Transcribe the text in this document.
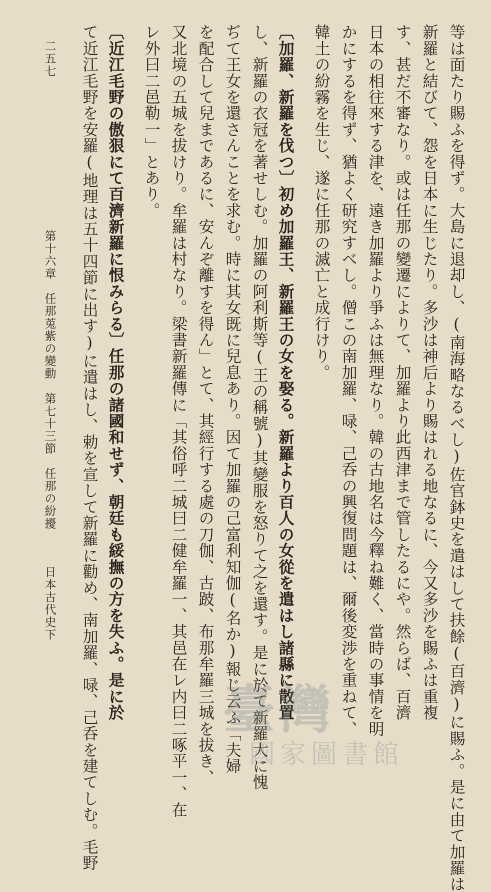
等は面たり賜ふを得ず。大島に退却し、(南海略なるべし)佐官鉢史を遣はして扶餘(百濟)に賜ふ。是に由て加羅は
新羅と結びて、怨を日本に生じたり。多沙は神后より賜はれる地なるに、今又多沙を賜ふは重複
す、甚だ不審なり。或は任那の變遷によりて、加羅より此西津まで管したるにや。然らば、百濟
日本の相往來する津を、遠き加羅より爭ふは無理なり。韓の古地名は今釋ね難く、當時の事情を明
かにするを得ず、猶よく研究すべし。僧この南加羅、㖨、己呑の興復問題は、爾後変渉を重ねて、
韓土の紛霧を生じ、遂に任那の滅亡と成行けり。
〔加羅、新羅を伐つ〕初め加羅王、新羅王の女を娶る。新羅より百人の女從を遣はし諸縣に散置
し、新羅の衣冠を著せしむ。加羅の阿利斯等(王の稱號)其變服を怒りて之を還す。是に於て新羅大に愧
ぢて王女を還さんことを求む。時に其女既に兒息あり。因て加羅の己富利知伽(名か)報じ云ふ「夫婦
を配合して兒まであるに、安んぞ離すを得ん」とて、其經行する處の刀伽、古跛、布那牟羅三城を拔き、
又北境の五城を拔けり。牟羅は村なり。梁書新羅傳に「其俗呼二城曰二健牟羅一、其邑在レ内曰二啄平一、在
レ外曰二邑勒一」とあり。
〔近江毛野の傲狠にて百濟新羅に恨みらる〕任那の諸國和せず、朝廷も綏撫の方を失ふ。是に於
て近江毛野を安羅(地理は五十四節に出す)に遣はし、勅を宣して新羅に勸め、南加羅、㖨、己呑を建てしむ。毛野
日本古代史下
第十六章　任那莵紫の變動　第七十三節　任那の紛擾
二五七
臺灣
國家圖書館
